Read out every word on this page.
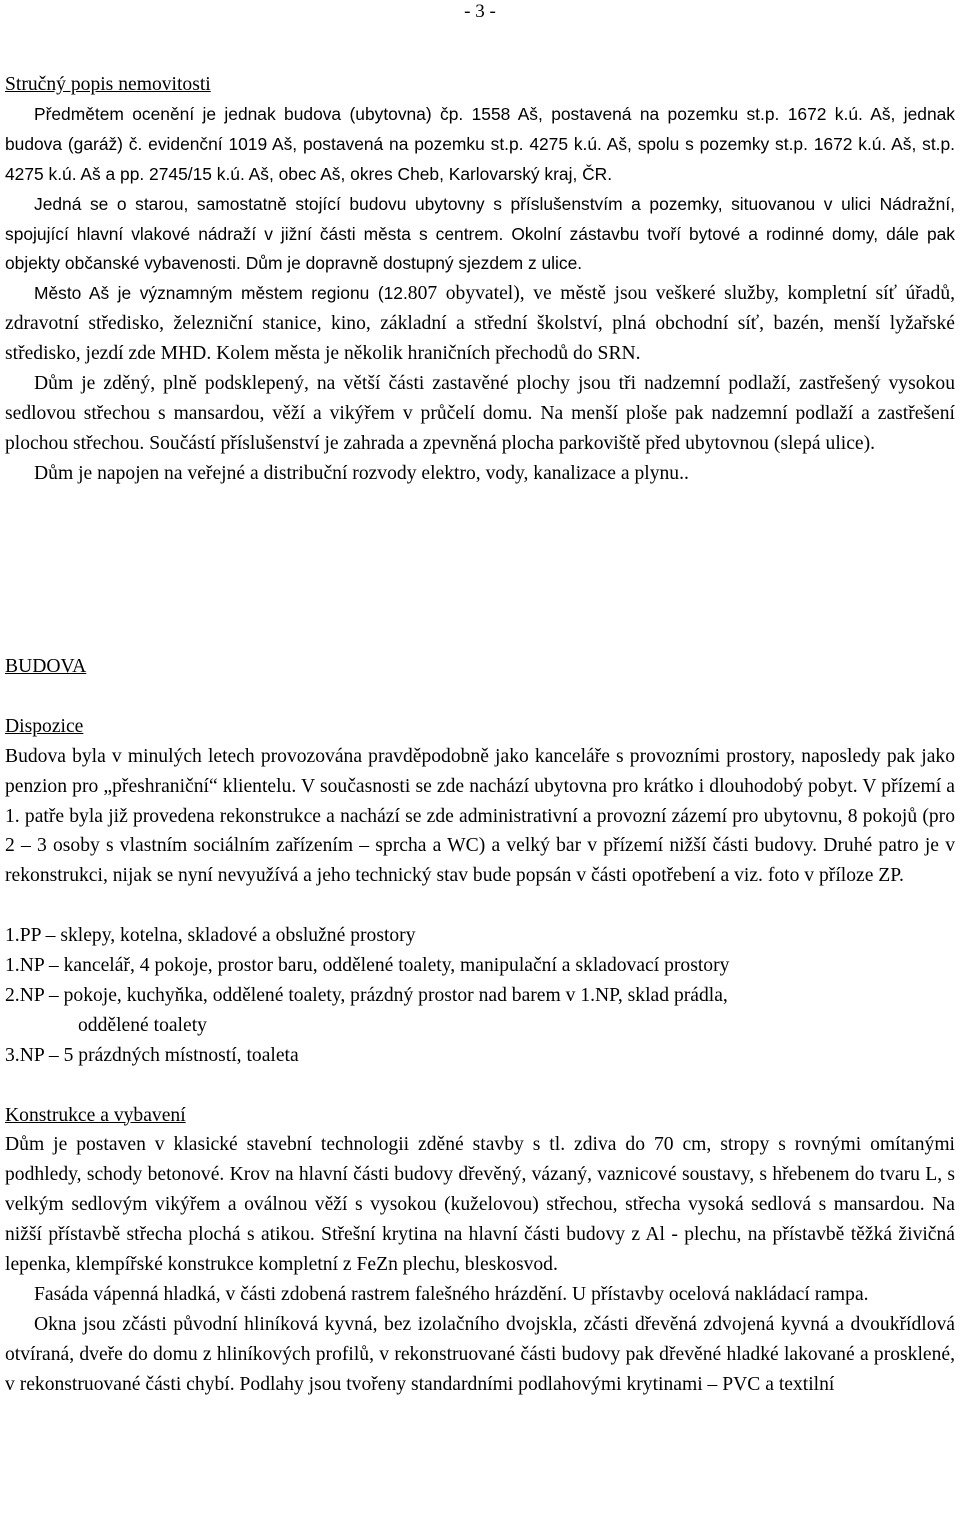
- 3 -

Stručný popis nemovitosti

Předmětem ocenění je jednak budova (ubytovna) čp. 1558 Aš, postavená na pozemku st.p. 1672 k.ú. Aš, jednak budova (garáž) č. evidenční 1019 Aš, postavená na pozemku st.p. 4275 k.ú. Aš, spolu s pozemky st.p. 1672 k.ú. Aš, st.p. 4275 k.ú. Aš a pp. 2745/15 k.ú. Aš, obec Aš, okres Cheb, Karlovarský kraj, ČR.

Jedná se o starou, samostatně stojící budovu ubytovny s příslušenstvím a pozemky, situovanou v ulici Nádražní, spojující hlavní vlakové nádraží v jižní části města s centrem. Okolní zástavbu tvoří bytové a rodinné domy, dále pak objekty občanské vybavenosti. Dům je dopravně dostupný sjezdem z ulice.

Město Aš je významným městem regionu (12.807 obyvatel), ve městě jsou veškeré služby, kompletní síť úřadů, zdravotní středisko, železniční stanice, kino, základní a střední školství, plná obchodní síť, bazén, menší lyžařské středisko, jezdí zde MHD. Kolem města je několik hraničních přechodů do SRN.

Dům je zděný, plně podsklepený, na větší části zastavěné plochy jsou tři nadzemní podlaží, zastřešený vysokou sedlovou střechou s mansardou, věží a vikýřem v průčelí domu. Na menší ploše pak nadzemní podlaží a zastřešení plochou střechou. Součástí příslušenství je zahrada a zpevněná plocha parkoviště před ubytovnou (slepá ulice).

Dům je napojen na veřejné a distribuční rozvody elektro, vody, kanalizace a plynu..

BUDOVA

Dispozice

Budova byla v minulých letech provozována pravděpodobně jako kanceláře s provozními prostory, naposledy pak jako penzion pro „přeshraniční“ klientelu. V současnosti se zde nachází ubytovna pro krátko i dlouhodobý pobyt. V přízemí a 1. patře byla již provedena rekonstrukce a nachází se zde administrativní a provozní zázemí pro ubytovnu, 8 pokojů (pro 2 – 3 osoby s vlastním sociálním zařízením – sprcha a WC) a velký bar v přízemí nižší části budovy. Druhé patro je v rekonstrukci, nijak se nyní nevyužívá a jeho technický stav bude popsán v části opotřebení a viz. foto v příloze ZP.

1.PP – sklepy, kotelna, skladové a obslužné prostory

1.NP – kancelář, 4 pokoje, prostor baru, oddělené toalety, manipulační a skladovací prostory

2.NP – pokoje, kuchyňka, oddělené toalety, prázdný prostor nad barem v 1.NP, sklad prádla,

oddělené toalety

3.NP – 5 prázdných místností, toaleta

Konstrukce a vybavení

Dům je postaven v klasické stavební technologii zděné stavby s tl. zdiva do 70 cm, stropy s rovnými omítanými podhledy, schody betonové. Krov na hlavní části budovy dřevěný, vázaný, vaznicové soustavy, s hřebenem do tvaru L, s velkým sedlovým vikýřem a oválnou věží s vysokou (kuželovou) střechou, střecha vysoká sedlová s mansardou. Na nižší přístavbě střecha plochá s atikou. Střešní krytina na hlavní části budovy z Al - plechu, na přístavbě těžká živičná lepenka, klempířské konstrukce kompletní z FeZn plechu, bleskosvod.

Fasáda vápenná hladká, v části zdobená rastrem falešného hrázdění. U přístavby ocelová nakládací rampa.

Okna jsou zčásti původní hliníková kyvná, bez izolačního dvojskla, zčásti dřevěná zdvojená kyvná a dvoukřídlová otvíraná, dveře do domu z hliníkových profilů, v rekonstruované části budovy pak dřevěné hladké lakované a prosklené, v rekonstruované části chybí. Podlahy jsou tvořeny standardními podlahovými krytinami – PVC a textilní
